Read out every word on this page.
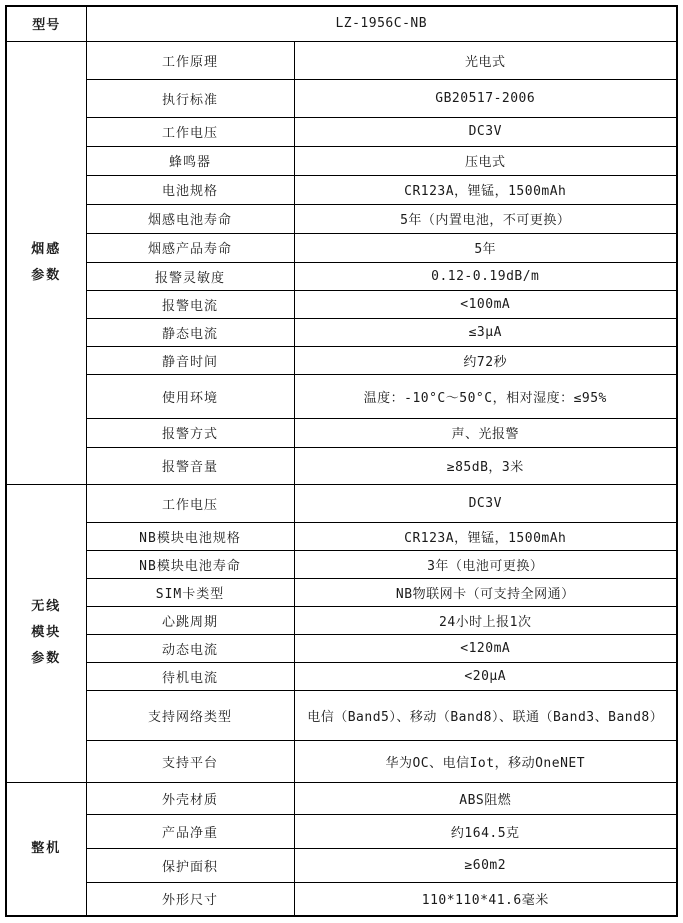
型号	LZ-1956C-NB	

烟感
参数	工作原理	光电式
	执行标准	GB20517-2006
	工作电压	DC3V
	蜂鸣器	压电式
	电池规格	CR123A，锂锰，1500mAh
	烟感电池寿命	5年（内置电池，不可更换）
	烟感产品寿命	5年
	报警灵敏度	0.12-0.19dB/m
	报警电流	<100mA
	静态电流	≤3μA
	静音时间	约72秒
	使用环境	温度：-10°C～50°C，相对湿度：≤95%
	报警方式	声、光报警
	报警音量	≥85dB，3米

无线
模块
参数	工作电压	DC3V
	NB模块电池规格	CR123A，锂锰，1500mAh
	NB模块电池寿命	3年（电池可更换）
	SIM卡类型	NB物联网卡（可支持全网通）
	心跳周期	24小时上报1次
	动态电流	<120mA
	待机电流	<20μA
	支持网络类型	电信（Band5）、移动（Band8）、联通（Band3、Band8）
	支持平台	华为OC、电信Iot，移动OneNET

整机	外壳材质	ABS阻燃
	产品净重	约164.5克
	保护面积	≥60m2
	外形尺寸	110*110*41.6毫米
